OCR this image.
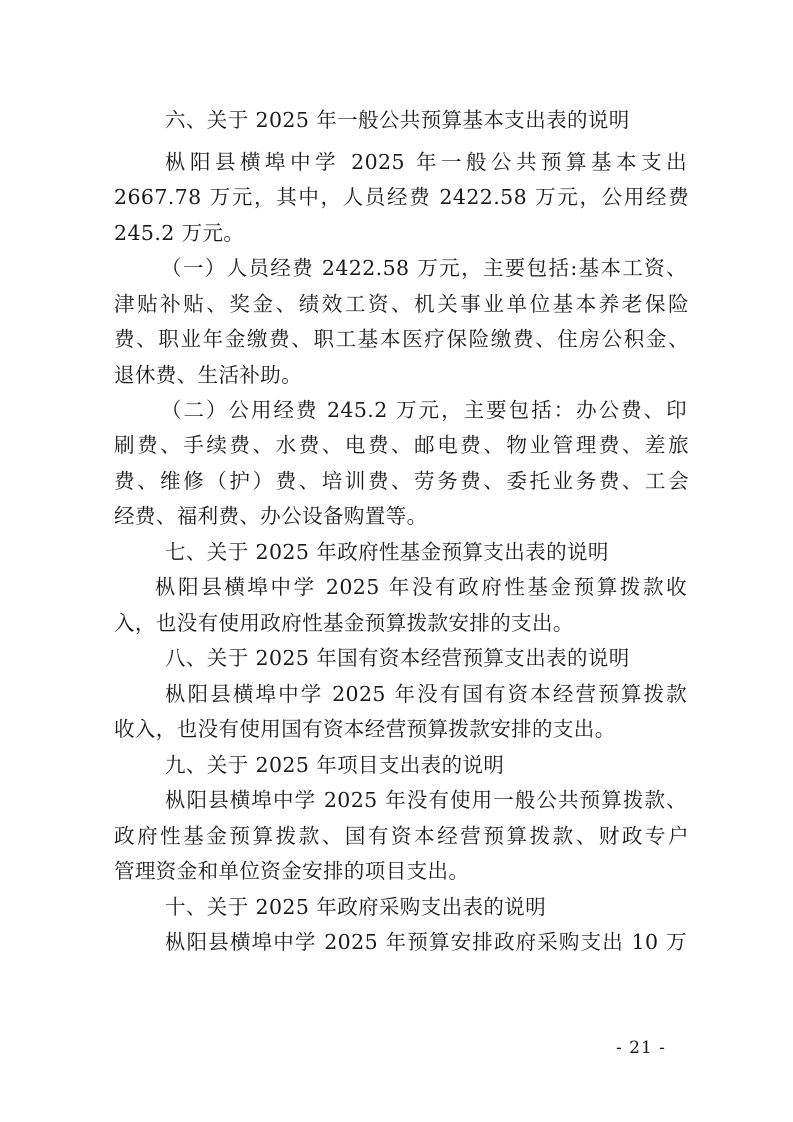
六、关于 2025 年一般公共预算基本支出表的说明
枞阳县横埠中学 2025 年一般公共预算基本支出
2667.78 万元，其中，人员经费 2422.58 万元，公用经费
245.2 万元。
（一）人员经费 2422.58 万元，主要包括:基本工资、
津贴补贴、奖金、绩效工资、机关事业单位基本养老保险
费、职业年金缴费、职工基本医疗保险缴费、住房公积金、
退休费、生活补助。
（二）公用经费 245.2 万元，主要包括：办公费、印
刷费、手续费、水费、电费、邮电费、物业管理费、差旅
费、维修（护）费、培训费、劳务费、委托业务费、工会
经费、福利费、办公设备购置等。
七、关于 2025 年政府性基金预算支出表的说明
枞阳县横埠中学 2025 年没有政府性基金预算拨款收
入，也没有使用政府性基金预算拨款安排的支出。
八、关于 2025 年国有资本经营预算支出表的说明
枞阳县横埠中学 2025 年没有国有资本经营预算拨款
收入，也没有使用国有资本经营预算拨款安排的支出。
九、关于 2025 年项目支出表的说明
枞阳县横埠中学 2025 年没有使用一般公共预算拨款、
政府性基金预算拨款、国有资本经营预算拨款、财政专户
管理资金和单位资金安排的项目支出。
十、关于 2025 年政府采购支出表的说明
枞阳县横埠中学 2025 年预算安排政府采购支出 10 万
- 21 -
